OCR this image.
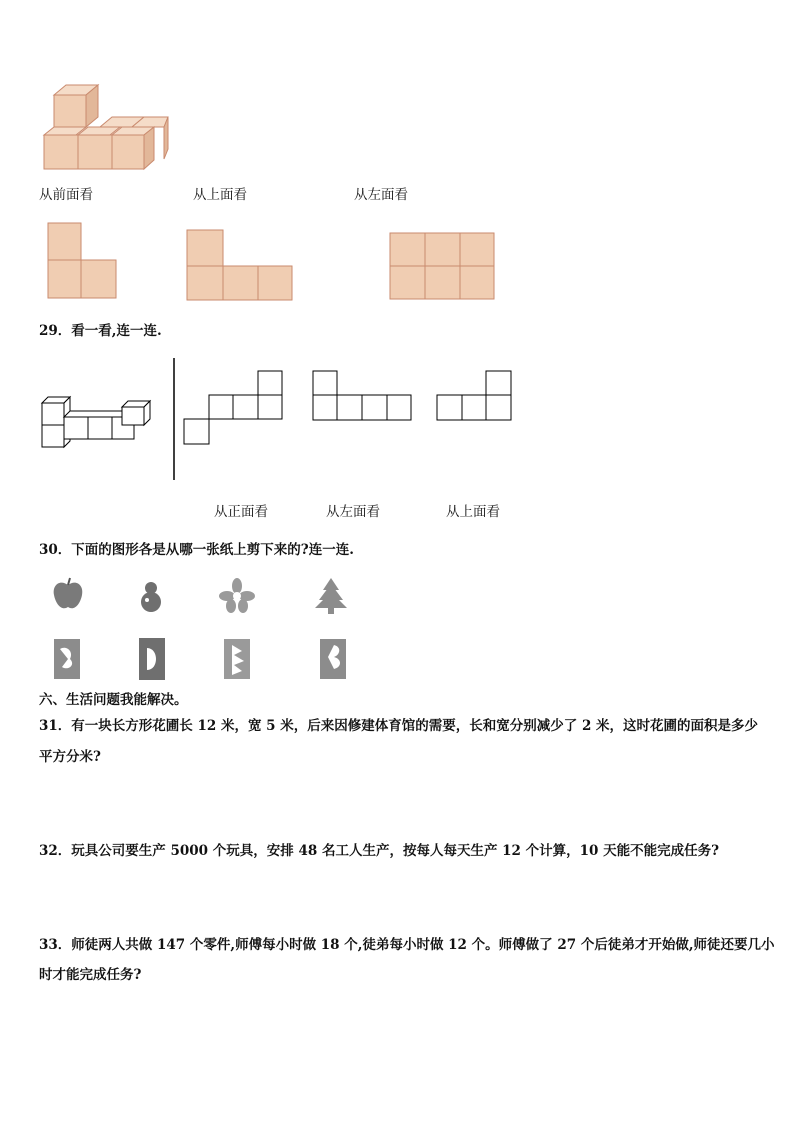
从前面看	从上面看	从左面看
29．看一看,连一连.
从正面看	从左面看	从上面看
30．下面的图形各是从哪一张纸上剪下来的?连一连.
六、生活问题我能解决。
31．有一块长方形花圃长 12 米，宽 5 米，后来因修建体育馆的需要，长和宽分别减少了 2 米，这时花圃的面积是多少
平方分米?
32．玩具公司要生产 5000 个玩具，安排 48 名工人生产，按每人每天生产 12 个计算，10 天能不能完成任务?
33．师徒两人共做 147 个零件,师傅每小时做 18 个,徒弟每小时做 12 个。师傅做了 27 个后徒弟才开始做,师徒还要几小
时才能完成任务?
